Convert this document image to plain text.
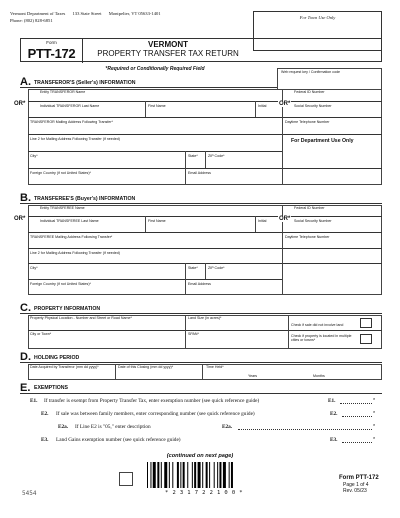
Vermont Department of Taxes 133 State Street Montpelier, VT 05633-1401
Phone: (802) 828-6851
For Town Use Only
Form
PTT-172
VERMONT
PROPERTY TRANSFER TAX RETURN
*Required or Conditionally Required Field	Web request key / Confirmation code
A. TRANSFEROR'S (Seller's) INFORMATION
Entity TRANSFEROR Name	Federal ID Number
OR*	Individual TRANSFEROR Last Name	First Name	Initial OR* Social Security Number
TRANSFEROR Mailing Address Following Transfer*	Daytime Telephone Number
Line 2 for Mailing Address Following Transfer (if needed)	For Department Use Only
City*	State*	ZIP Code*
Foreign Country (if not United States)*	Email Address
B. TRANSFEREE'S (Buyer's) INFORMATION
Entity TRANSFEREE Name	Federal ID Number
OR*	Individual TRANSFEREE Last Name	First Name	Initial OR* Social Security Number
TRANSFEREE Mailing Address Following Transfer*	Daytime Telephone Number
Line 2 for Mailing Address Following Transfer (if needed)
City*	State*	ZIP Code*
Foreign Country (if not United States)*	Email Address
C. PROPERTY INFORMATION
Property Physical Location - Number and Street or Road Name*	Land Size (in acres)*
Check if sale did not involve land
City or Town*	SPAN*	Check if property is located in multiple cities or towns*
D. HOLDING PERIOD
Date Acquired by Transferor (mm dd yyyy)*	Date of this Closing (mm dd yyyy)*	Time Held*
Years	Months
E. EXEMPTIONS
E1. If transfer is exempt from Property Transfer Tax, enter exemption number (see quick reference guide)	E1.	*
E2. If sale was between family members, enter corresponding number (see quick reference guide)	E2.	*
E2a. If Line E2 is "05," enter description	E2a.	*
E3. Land Gains exemption number (see quick reference guide)	E3.	*
(continued on next page)
* 2 3 1 7 2 2 1 0 0 *
Form PTT-172
Page 1 of 4
Rev. 05/23
5454
